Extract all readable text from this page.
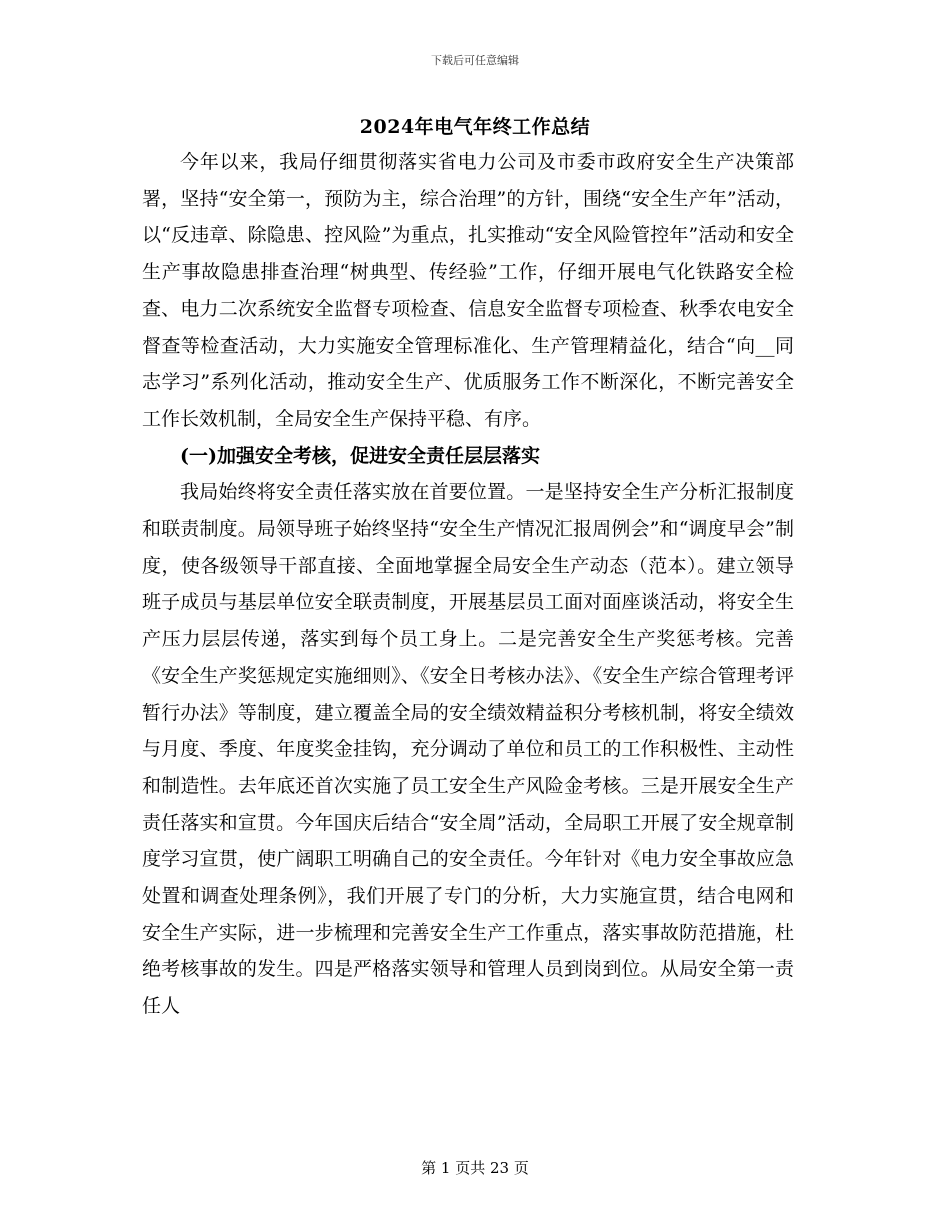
下载后可任意编辑
2024年电气年终工作总结

今年以来，我局仔细贯彻落实省电力公司及市委市政府安全生产决策部署，坚持“安全第一，预防为主，综合治理”的方针，围绕“安全生产年”活动，以“反违章、除隐患、控风险”为重点，扎实推动“安全风险管控年”活动和安全生产事故隐患排查治理“树典型、传经验”工作，仔细开展电气化铁路安全检查、电力二次系统安全监督专项检查、信息安全监督专项检查、秋季农电安全督查等检查活动，大力实施安全管理标准化、生产管理精益化，结合“向__同志学习”系列化活动，推动安全生产、优质服务工作不断深化，不断完善安全工作长效机制，全局安全生产保持平稳、有序。

(一)加强安全考核，促进安全责任层层落实

我局始终将安全责任落实放在首要位置。一是坚持安全生产分析汇报制度和联责制度。局领导班子始终坚持“安全生产情况汇报周例会”和“调度早会”制度，使各级领导干部直接、全面地掌握全局安全生产动态（范本）。建立领导班子成员与基层单位安全联责制度，开展基层员工面对面座谈活动，将安全生产压力层层传递，落实到每个员工身上。二是完善安全生产奖惩考核。完善《安全生产奖惩规定实施细则》、《安全日考核办法》、《安全生产综合管理考评暂行办法》等制度，建立覆盖全局的安全绩效精益积分考核机制，将安全绩效与月度、季度、年度奖金挂钩，充分调动了单位和员工的工作积极性、主动性和制造性。去年底还首次实施了员工安全生产风险金考核。三是开展安全生产责任落实和宣贯。今年国庆后结合“安全周”活动，全局职工开展了安全规章制度学习宣贯，使广阔职工明确自己的安全责任。今年针对《电力安全事故应急处置和调查处理条例》，我们开展了专门的分析，大力实施宣贯，结合电网和安全生产实际，进一步梳理和完善安全生产工作重点，落实事故防范措施，杜绝考核事故的发生。四是严格落实领导和管理人员到岗到位。从局安全第一责任人

第 1 页共 23 页
